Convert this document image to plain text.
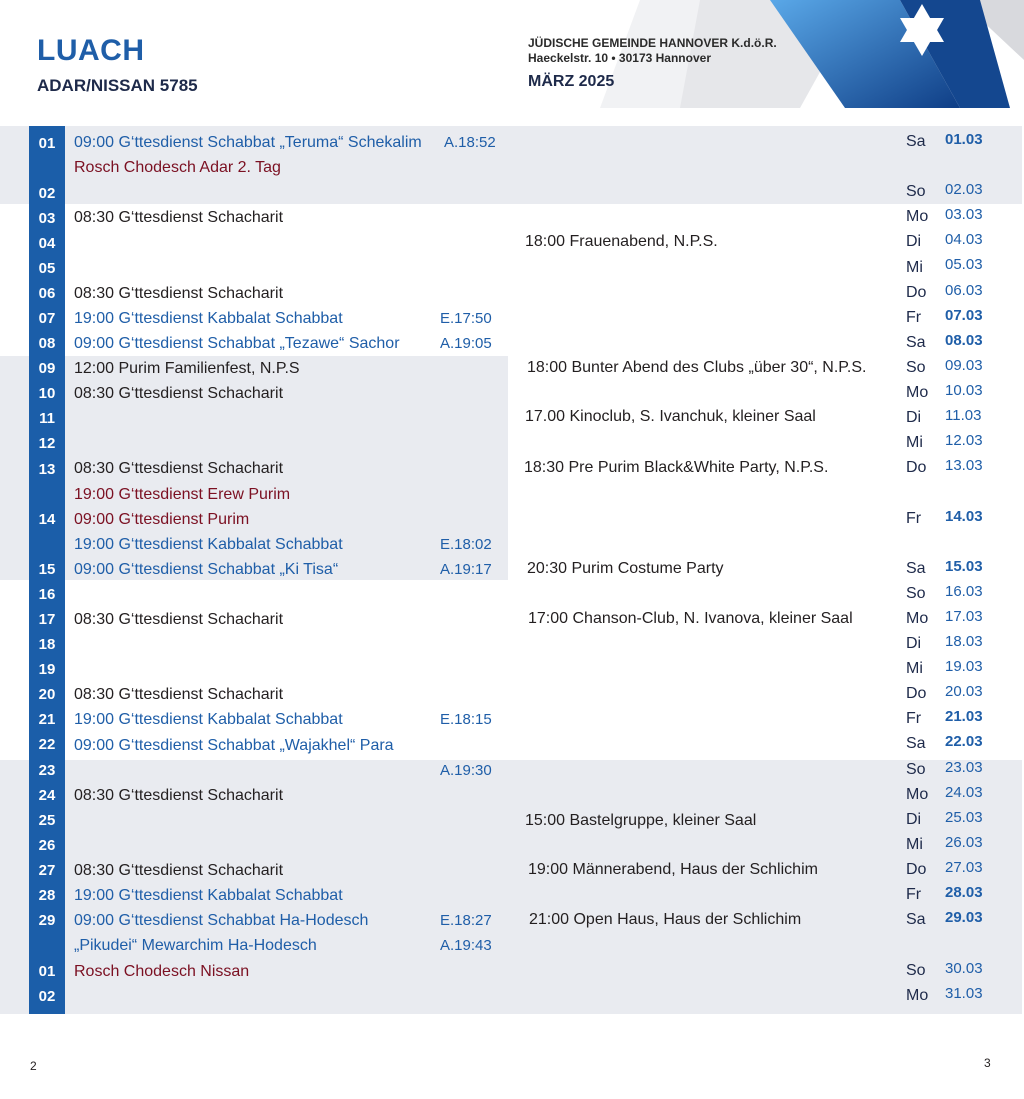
LUACH
ADAR/NISSAN 5785
JÜDISCHE GEMEINDE HANNOVER K.d.ö.R.
Haeckelstr. 10 • 30173 Hannover
MÄRZ 2025
01
02
03
04
05
06
07
08
09
10
11
12
13
14
15
16
17
18
19
20
21
22
23
24
25
26
27
28
29
01
02
09:00 G‘ttesdienst Schabbat „Teruma“ Schekalim
Rosch Chodesch Adar 2. Tag
08:30 G‘ttesdienst Schacharit
08:30 G‘ttesdienst Schacharit
19:00 G‘ttesdienst Kabbalat Schabbat
09:00 G‘ttesdienst Schabbat „Tezawe“ Sachor
12:00 Purim Familienfest, N.P.S
08:30 G‘ttesdienst Schacharit
08:30 G‘ttesdienst Schacharit
19:00 G‘ttesdienst Erew Purim
09:00 G‘ttesdienst Purim
19:00 G‘ttesdienst Kabbalat Schabbat
09:00 G‘ttesdienst Schabbat „Ki Tisa“
08:30 G‘ttesdienst Schacharit
08:30 G‘ttesdienst Schacharit
19:00 G‘ttesdienst Kabbalat Schabbat
09:00 G‘ttesdienst Schabbat „Wajakhel“ Para
08:30 G‘ttesdienst Schacharit
08:30 G‘ttesdienst Schacharit
19:00 G‘ttesdienst Kabbalat Schabbat
09:00 G‘ttesdienst Schabbat Ha-Hodesch
„Pikudei“ Mewarchim Ha-Hodesch
Rosch Chodesch Nissan
A.18:52
E.17:50
A.19:05
E.18:02
A.19:17
E.18:15
A.19:30
E.18:27
A.19:43
18:00 Frauenabend, N.P.S.
18:00 Bunter Abend des Clubs „über 30“, N.P.S.
17.00 Kinoclub, S. Ivanchuk, kleiner Saal
18:30 Pre Purim Black&White Party, N.P.S.
20:30 Purim Costume Party
17:00 Chanson-Club, N. Ivanova, kleiner Saal
15:00 Bastelgruppe, kleiner Saal
19:00 Männerabend, Haus der Schlichim
21:00 Open Haus, Haus der Schlichim
Sa
So
Mo
Di
Mi
Do
Fr
Sa
So
Mo
Di
Mi
Do
Fr
Sa
So
Mo
Di
Mi
Do
Fr
Sa
So
Mo
Di
Mi
Do
Fr
Sa
So
Mo
01.03
02.03
03.03
04.03
05.03
06.03
07.03
08.03
09.03
10.03
11.03
12.03
13.03
14.03
15.03
16.03
17.03
18.03
19.03
20.03
21.03
22.03
23.03
24.03
25.03
26.03
27.03
28.03
29.03
30.03
31.03
2	3
